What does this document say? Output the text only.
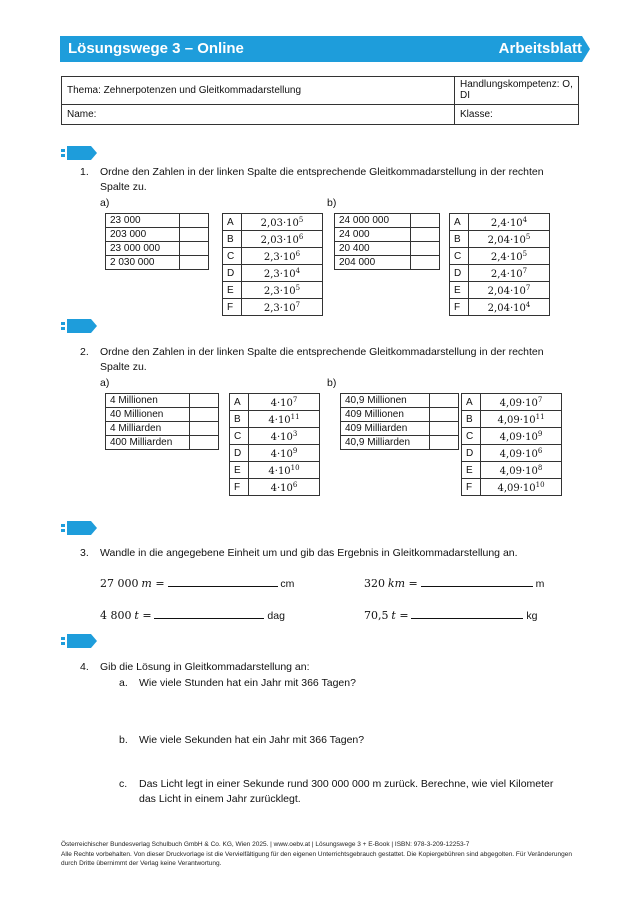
Lösungswege 3 – Online	Arbeitsblatt
Thema: Zehnerpotenzen und Gleitkommadarstellung	Handlungskompetenz: O, DI
Name:	Klasse:
1. Ordne den Zahlen in der linken Spalte die entsprechende Gleitkommadarstellung in der rechten Spalte zu.
a)	b)
23 000	
203 000	
23 000 000	
2 030 000	
A	$2,03\cdot 10^5$
B	$2,03\cdot 10^6$
C	$2,3\cdot 10^6$
D	$2,3\cdot 10^4$
E	$2,3\cdot 10^5$
F	$2,3\cdot 10^7$
24 000 000	
24 000	
20 400	
204 000	
A	$2,4\cdot 10^4$
B	$2,04\cdot 10^5$
C	$2,4\cdot 10^5$
D	$2,4\cdot 10^7$
E	$2,04\cdot 10^7$
F	$2,04\cdot 10^4$
2. Ordne den Zahlen in der linken Spalte die entsprechende Gleitkommadarstellung in der rechten Spalte zu.
a)	b)
4 Millionen	
40 Millionen	
4 Milliarden	
400 Milliarden	
A	$4\cdot 10^7$
B	$4\cdot 10^{11}$
C	$4\cdot 10^3$
D	$4\cdot 10^9$
E	$4\cdot 10^{10}$
F	$4\cdot 10^6$
40,9 Millionen	
409 Millionen	
409 Milliarden	
40,9 Milliarden	
A	$4,09\cdot 10^7$
B	$4,09\cdot 10^{11}$
C	$4,09\cdot 10^9$
D	$4,09\cdot 10^6$
E	$4,09\cdot 10^8$
F	$4,09\cdot 10^{10}$
3. Wandle in die angegebene Einheit um und gib das Ergebnis in Gleitkommadarstellung an.
27 000 m =	cm	320 km =	m
4 800 t =	dag	70,5 t =	kg
4. Gib die Lösung in Gleitkommadarstellung an:
a. Wie viele Stunden hat ein Jahr mit 366 Tagen?
b. Wie viele Sekunden hat ein Jahr mit 366 Tagen?
c. Das Licht legt in einer Sekunde rund 300 000 000 m zurück. Berechne, wie viel Kilometer das Licht in einem Jahr zurücklegt.
Österreichischer Bundesverlag Schulbuch GmbH & Co. KG, Wien 2025. | www.oebv.at | Lösungswege 3 + E-Book | ISBN: 978-3-209-12253-7
Alle Rechte vorbehalten. Von dieser Druckvorlage ist die Vervielfältigung für den eigenen Unterrichtsgebrauch gestattet. Die Kopiergebühren sind abgegolten. Für Veränderungen durch Dritte übernimmt der Verlag keine Verantwortung.
